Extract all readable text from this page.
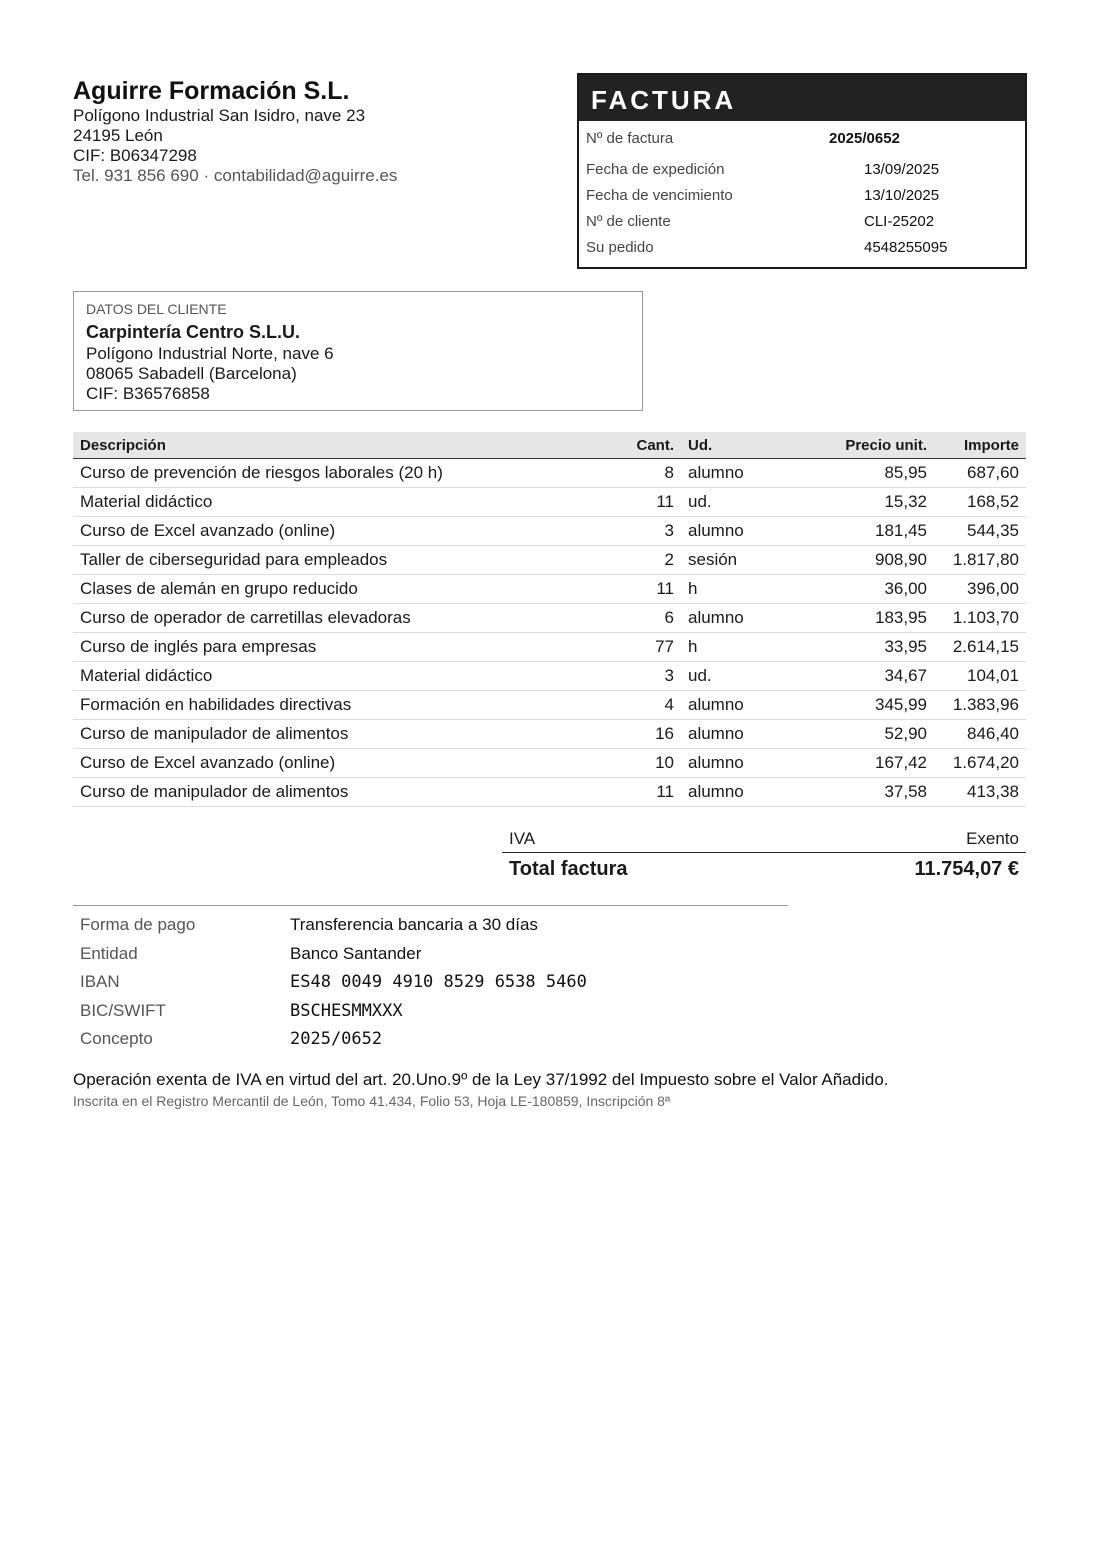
Aguirre Formación S.L.
Polígono Industrial San Isidro, nave 23
24195 León
CIF: B06347298
Tel. 931 856 690 · contabilidad@aguirre.es
FACTURA
Nº de factura	2025/0652
Fecha de expedición	13/09/2025
Fecha de vencimiento	13/10/2025
Nº de cliente	CLI-25202
Su pedido	4548255095
DATOS DEL CLIENTE
Carpintería Centro S.L.U.
Polígono Industrial Norte, nave 6
08065 Sabadell (Barcelona)
CIF: B36576858
Descripción	Cant.	Ud.	Precio unit.	Importe
Curso de prevención de riesgos laborales (20 h)	8	alumno	85,95	687,60
Material didáctico	11	ud.	15,32	168,52
Curso de Excel avanzado (online)	3	alumno	181,45	544,35
Taller de ciberseguridad para empleados	2	sesión	908,90	1.817,80
Clases de alemán en grupo reducido	11	h	36,00	396,00
Curso de operador de carretillas elevadoras	6	alumno	183,95	1.103,70
Curso de inglés para empresas	77	h	33,95	2.614,15
Material didáctico	3	ud.	34,67	104,01
Formación en habilidades directivas	4	alumno	345,99	1.383,96
Curso de manipulador de alimentos	16	alumno	52,90	846,40
Curso de Excel avanzado (online)	10	alumno	167,42	1.674,20
Curso de manipulador de alimentos	11	alumno	37,58	413,38
IVA	Exento
Total factura	11.754,07 €
Forma de pago	Transferencia bancaria a 30 días
Entidad	Banco Santander
IBAN	ES48 0049 4910 8529 6538 5460
BIC/SWIFT	BSCHESMMXXX
Concepto	2025/0652
Operación exenta de IVA en virtud del art. 20.Uno.9º de la Ley 37/1992 del Impuesto sobre el Valor Añadido.
Inscrita en el Registro Mercantil de León, Tomo 41.434, Folio 53, Hoja LE-180859, Inscripción 8ª
